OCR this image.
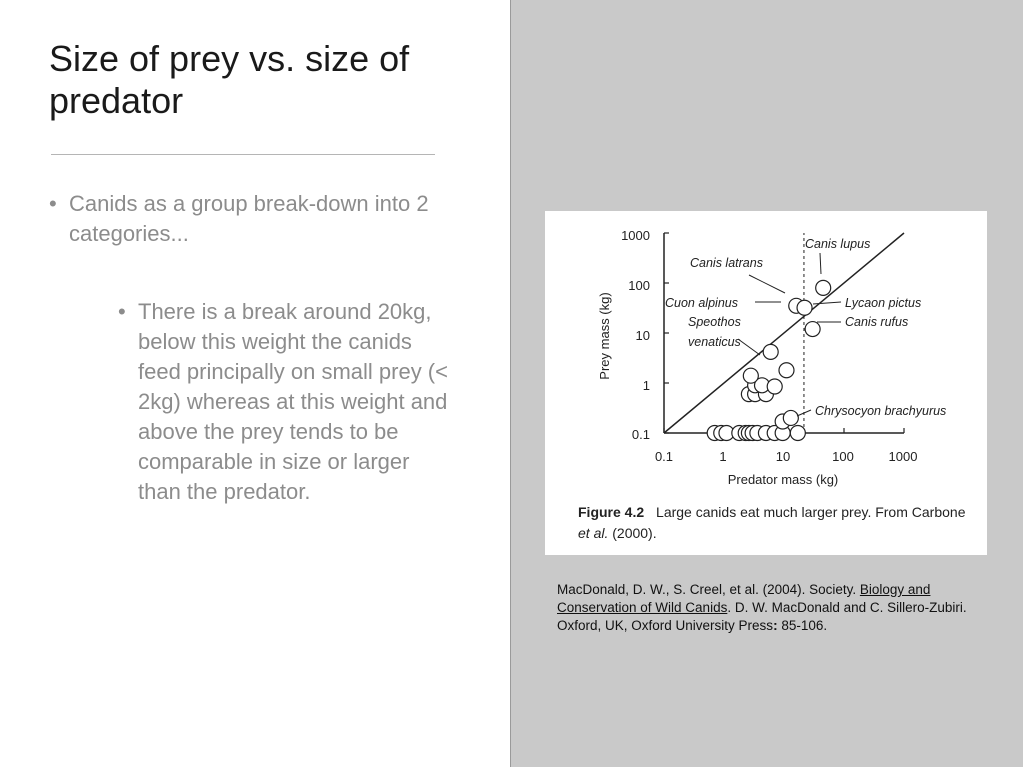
Size of prey vs. size of predator
• Canids as a group break-down into 2 categories...
• There is a break around 20kg, below this weight the canids feed principally on small prey (< 2kg) whereas at this weight and above the prey tends to be comparable in size or larger than the predator.
1000
100
10
1
0.1
0.1	1	10	100	1000
Predator mass (kg)
Prey mass (kg)
Canis lupus
Canis latrans
Cuon alpinus	Lycaon pictus
Speothos
venaticus
Canis rufus
Chrysocyon brachyurus
Figure 4.2 Large canids eat much larger prey. From Carbone
et al. (2000).
MacDonald, D. W., S. Creel, et al. (2004). Society. Biology and Conservation of Wild Canids. D. W. MacDonald and C. Sillero-Zubiri. Oxford, UK, Oxford University Press: 85-106.
